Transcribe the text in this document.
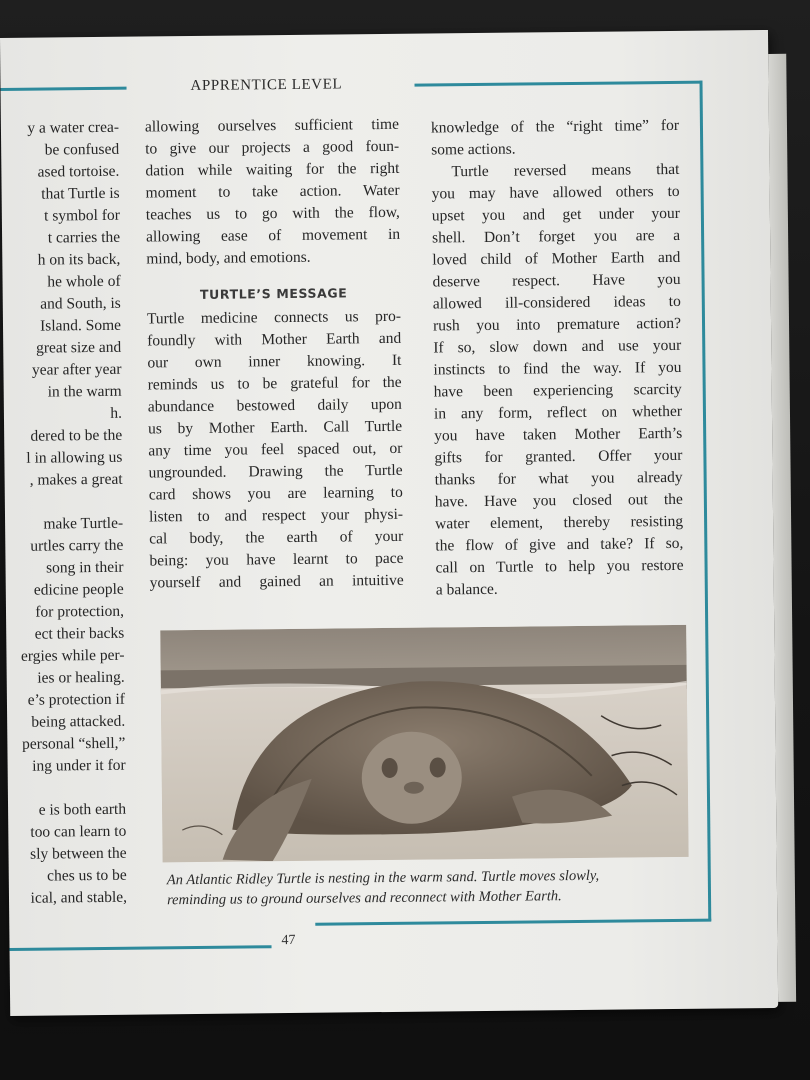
APPRENTICE LEVEL
y a water crea-
be confused
ased tortoise.
that Turtle is
t symbol for
t carries the
h on its back,
he whole of
and South, is
Island. Some
great size and
year after year
in the warm
h.
dered to be the
l in allowing us
, makes a great

make Turtle-
urtles carry the
song in their
edicine people
for protection,
ect their backs
ergies while per-
ies or healing.
e’s protection if
being attacked.
personal “shell,”
ing under it for

e is both earth
too can learn to
sly between the
ches us to be
ical, and stable,
allowing ourselves sufficient time
to give our projects a good foun-
dation while waiting for the right
moment to take action. Water
teaches us to go with the flow,
allowing ease of movement in
mind, body, and emotions.
TURTLE’S MESSAGE
Turtle medicine connects us pro-
foundly with Mother Earth and
our own inner knowing. It
reminds us to be grateful for the
abundance bestowed daily upon
us by Mother Earth. Call Turtle
any time you feel spaced out, or
ungrounded. Drawing the Turtle
card shows you are learning to
listen to and respect your physi-
cal body, the earth of your
being: you have learnt to pace
yourself and gained an intuitive
knowledge of the “right time” for
some actions.
Turtle reversed means that
you may have allowed others to
upset you and get under your
shell. Don’t forget you are a
loved child of Mother Earth and
deserve respect. Have you
allowed ill-considered ideas to
rush you into premature action?
If so, slow down and use your
instincts to find the way. If you
have been experiencing scarcity
in any form, reflect on whether
you have taken Mother Earth’s
gifts for granted. Offer your
thanks for what you already
have. Have you closed out the
water element, thereby resisting
the flow of give and take? If so,
call on Turtle to help you restore
a balance.
An Atlantic Ridley Turtle is nesting in the warm sand. Turtle moves slowly,
reminding us to ground ourselves and reconnect with Mother Earth.
47
